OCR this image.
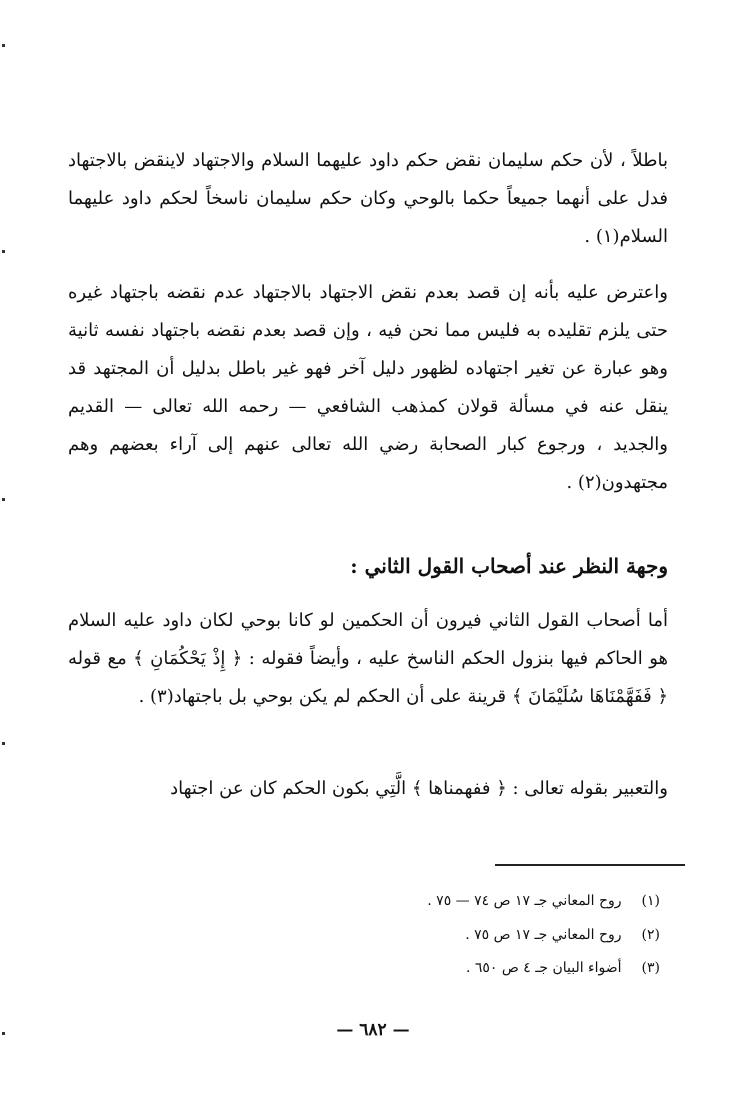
باطلاً ، لأن حكم سليمان نقض حكم داود عليهما السلام والاجتهاد لاينقض بالاجتهاد فدل على أنهما جميعاً حكما بالوحي وكان حكم سليمان ناسخاً لحكم داود عليهما السلام(١) .

واعترض عليه بأنه إن قصد بعدم نقض الاجتهاد بالاجتهاد عدم نقضه باجتهاد غيره حتى يلزم تقليده به فليس مما نحن فيه ، وإن قصد بعدم نقضه باجتهاد نفسه ثانية وهو عبارة عن تغير اجتهاده لظهور دليل آخر فهو غير باطل بدليل أن المجتهد قد ينقل عنه في مسألة قولان كمذهب الشافعي — رحمه الله تعالى — القديم والجديد ، ورجوع كبار الصحابة رضي الله تعالى عنهم إلى آراء بعضهم وهم مجتهدون(٢) .

وجهة النظر عند أصحاب القول الثاني :

أما أصحاب القول الثاني فيرون أن الحكمين لو كانا بوحي لكان داود عليه السلام هو الحاكم فيها بنزول الحكم الناسخ عليه ، وأيضاً فقوله : ﴿ إِذْ يَحْكُمَانِ ﴾ مع قوله ﴿ فَفَهَّمْنَاهَا سُلَيْمَانَ ﴾ قرينة على أن الحكم لم يكن بوحي بل باجتهاد(٣) .

والتعبير بقوله تعالى : ﴿ ففهمناها ﴾ الَّتِي بكون الحكم كان عن اجتهاد

(١) روح المعاني جـ ١٧ ص ٧٤ — ٧٥ .
(٢) روح المعاني جـ ١٧ ص ٧٥ .
(٣) أضواء البيان جـ ٤ ص ٦٥٠ .
— ٦٨٢ —
